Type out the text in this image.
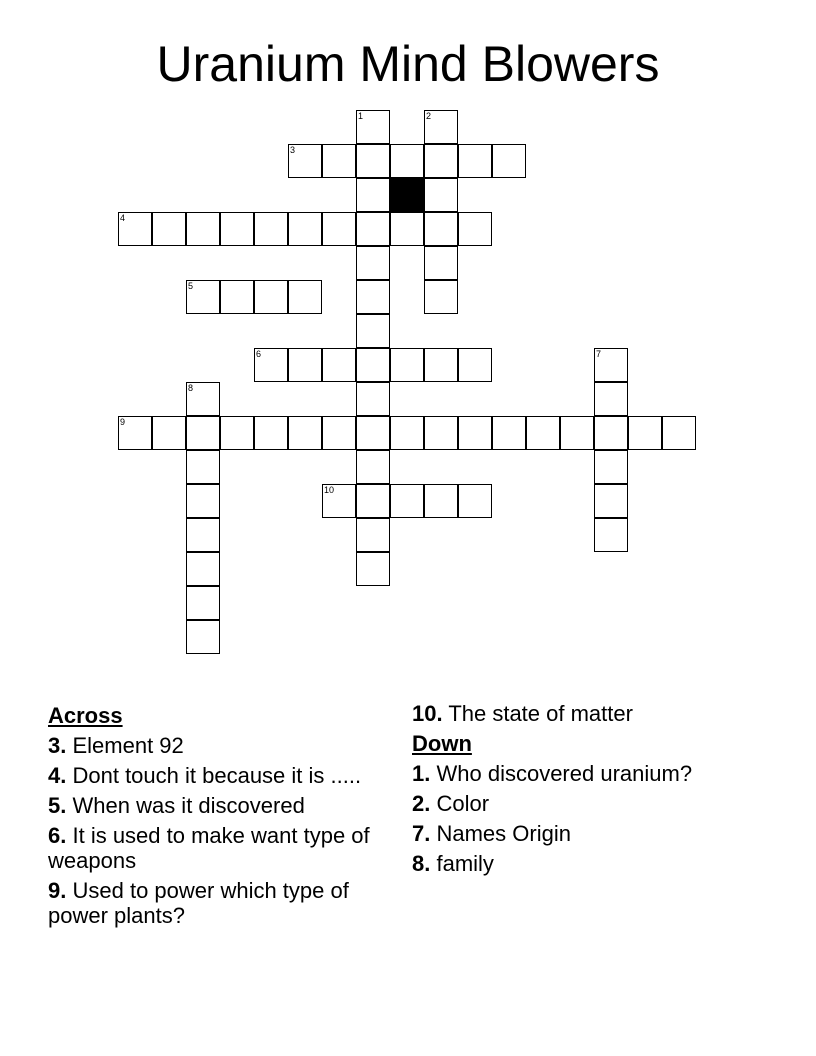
Uranium Mind Blowers
1	2
3
4
5
6	7
8
9
10
Across
3. Element 92
4. Dont touch it because it is .....
5. When was it discovered
6. It is used to make want type of weapons
9. Used to power which type of power plants?
10. The state of matter
Down
1. Who discovered uranium?
2. Color
7. Names Origin
8. family
